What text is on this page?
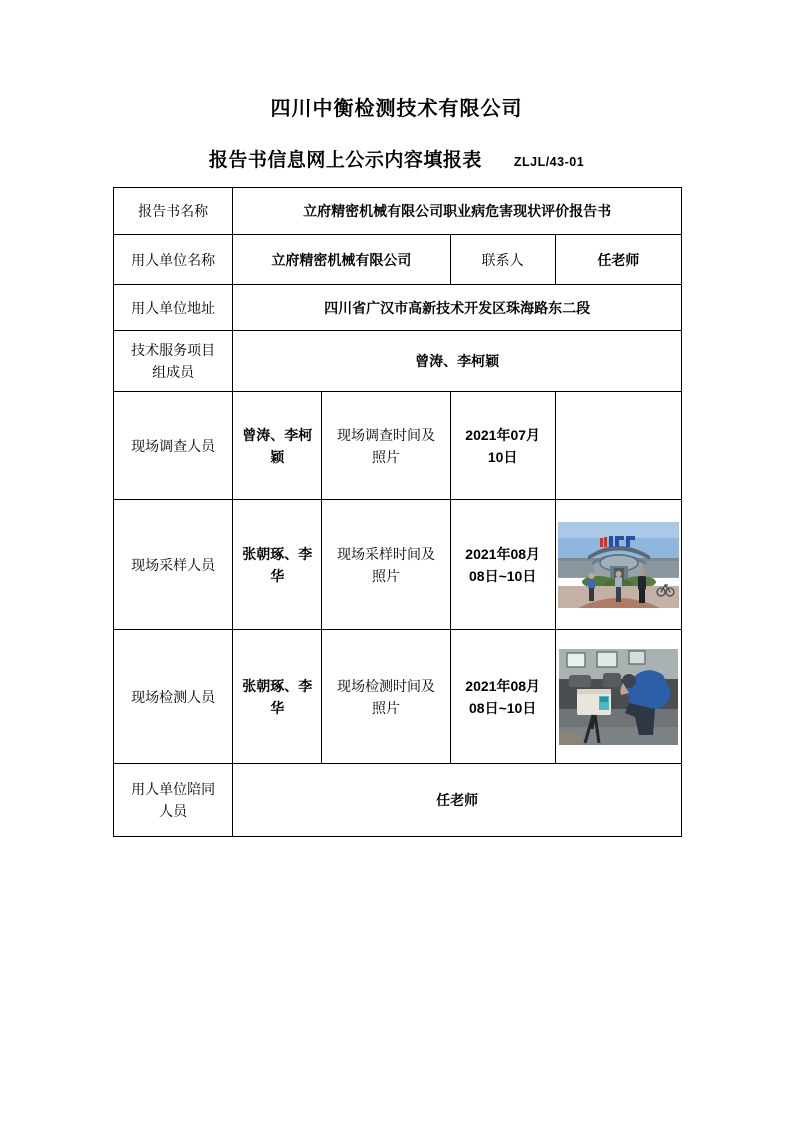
四川中衡检测技术有限公司
报告书信息网上公示内容填报表	ZLJL/43-01
报告书名称	立府精密机械有限公司职业病危害现状评价报告书			
用人单位名称	立府精密机械有限公司		联系人	任老师
用人单位地址	四川省广汉市高新技术开发区珠海路东二段			
技术服务项目组成员	曾涛、李柯颖			
现场调查人员	曾涛、李柯颖	现场调查时间及照片	2021年07月10日	
现场采样人员	张朝琢、李华	现场采样时间及照片	2021年08月08日~10日	

现场检测人员	张朝琢、李华	现场检测时间及照片	2021年08月08日~10日	

用人单位陪同人员	任老师			
